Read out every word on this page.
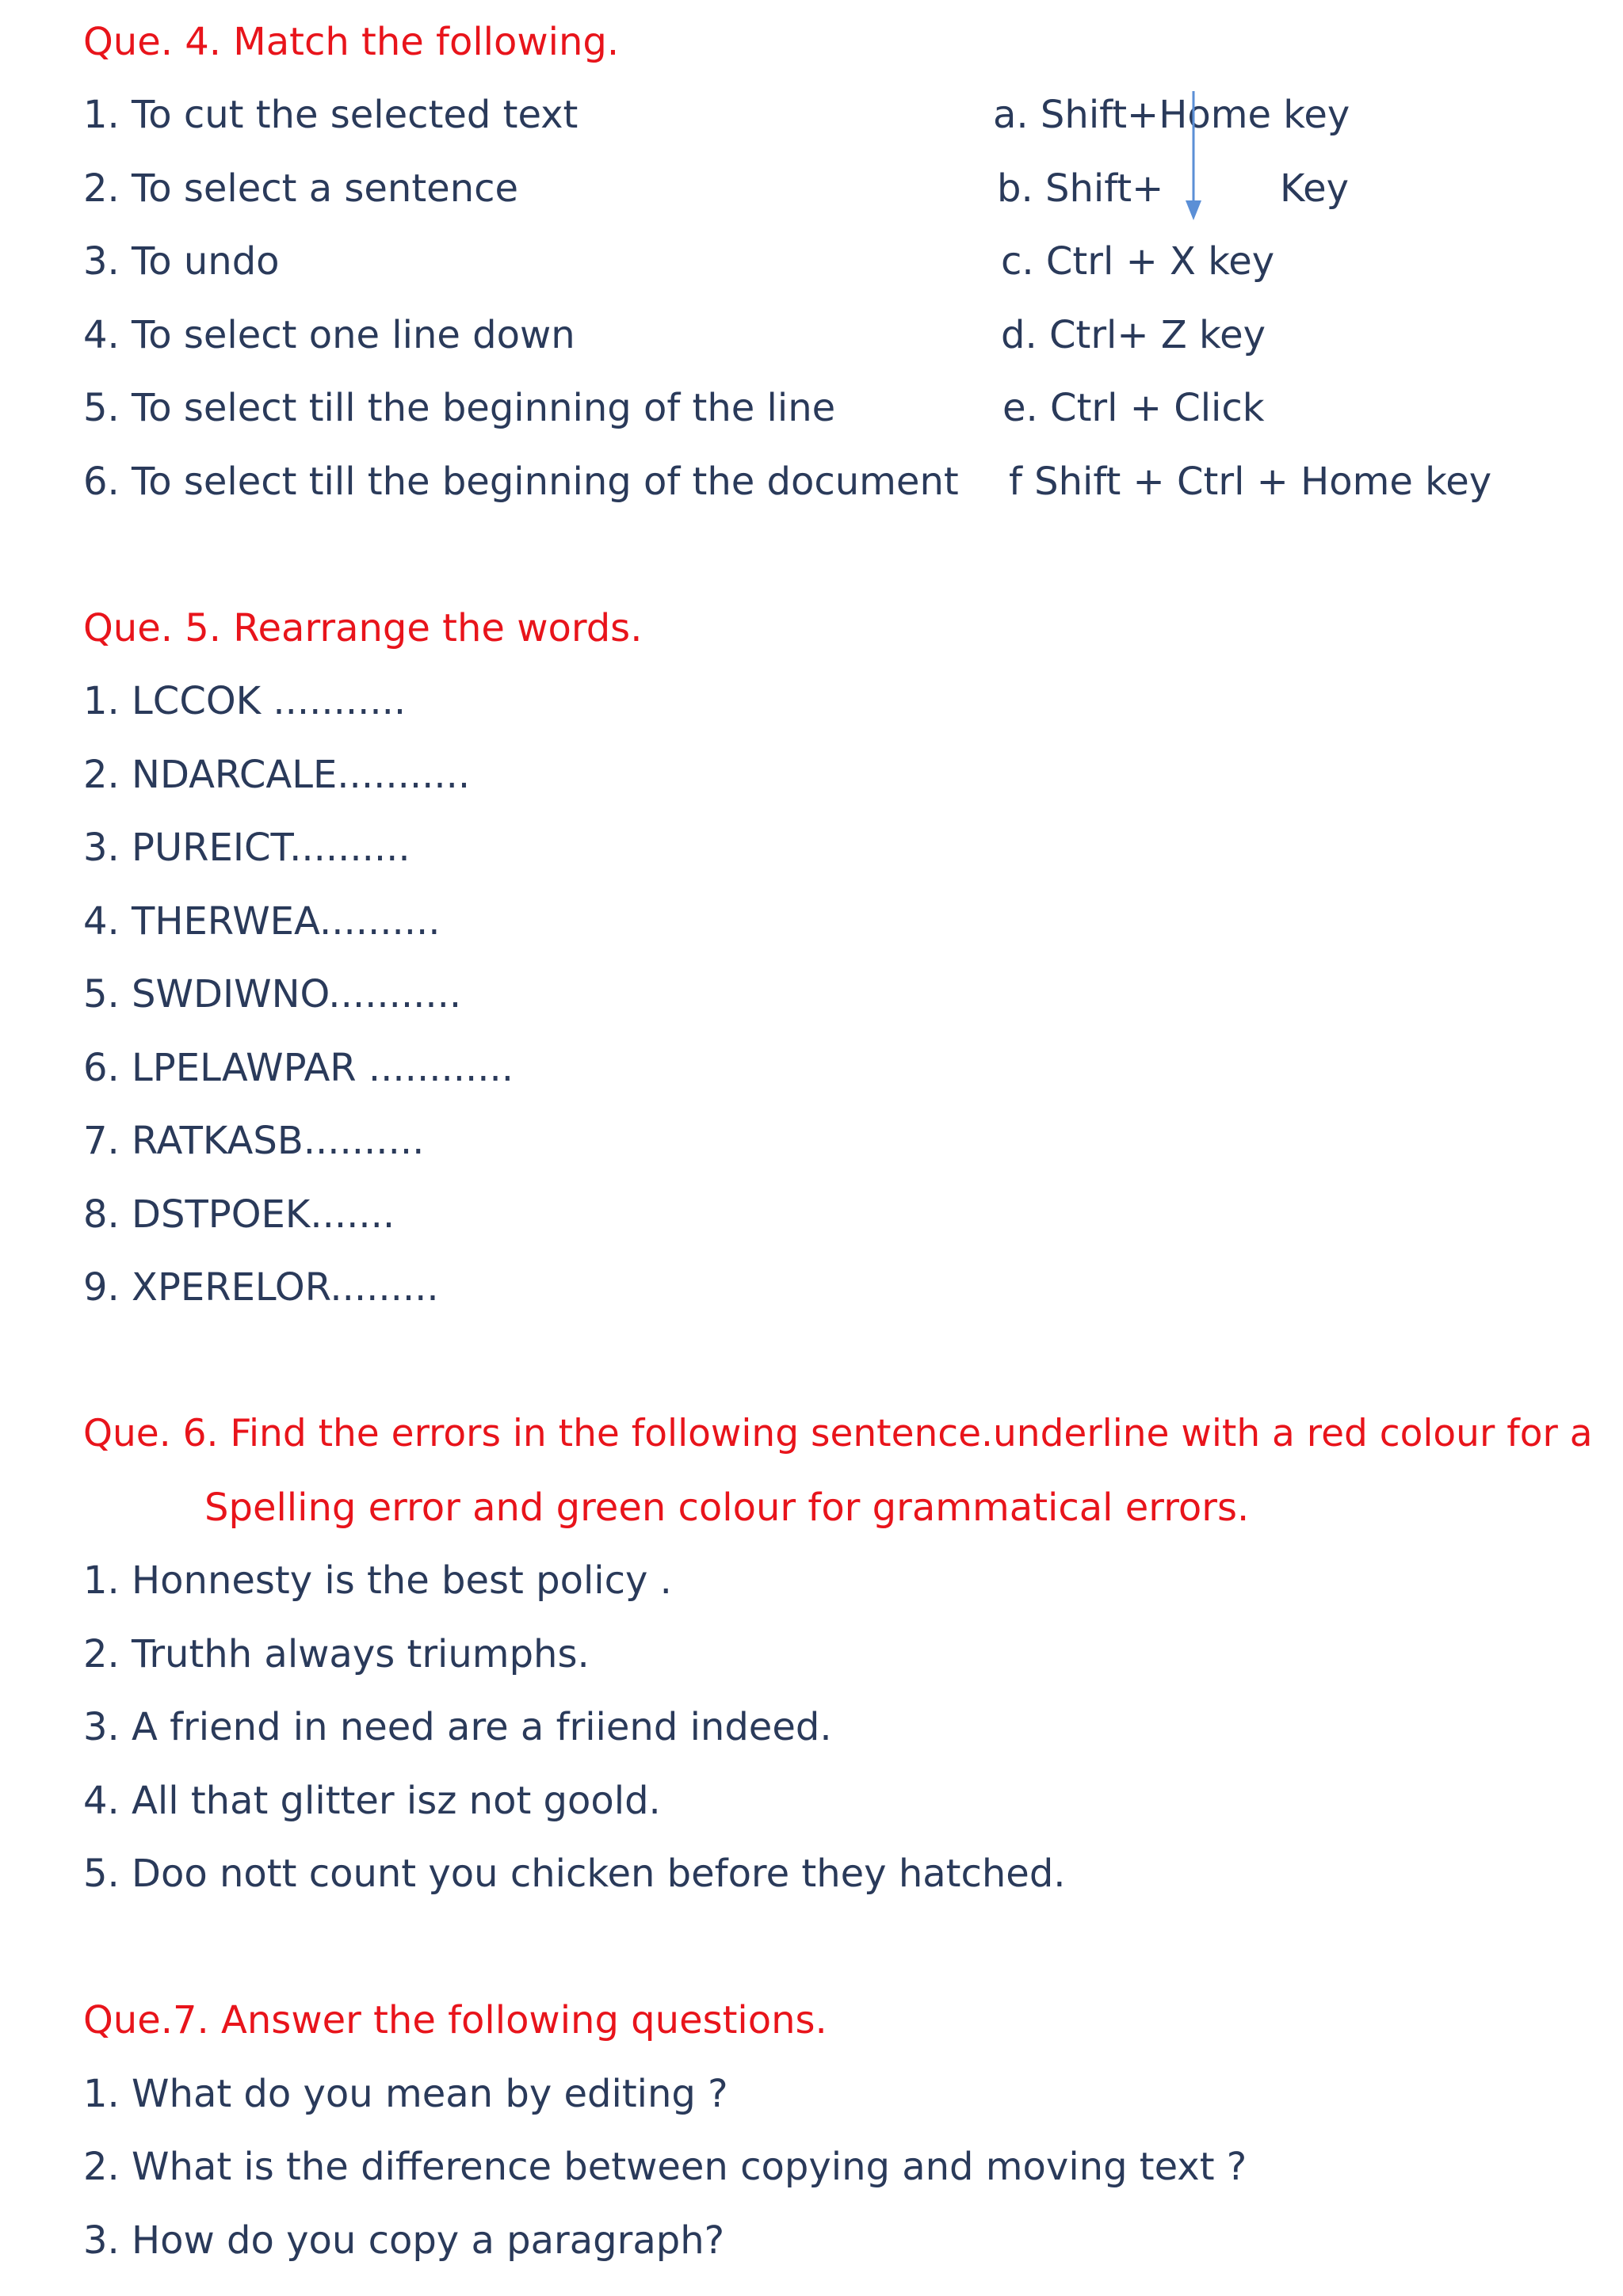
Que. 4. Match the following.
1. To cut the selected text
2. To select a sentence
3. To undo
4. To select one line down
5. To select till the beginning of the line
6. To select till the beginning of the document
a. Shift+Home key
b. Shift+	Key
c. Ctrl + X key
d. Ctrl+ Z key
e. Ctrl + Click
f Shift + Ctrl + Home key
Que. 5. Rearrange the words.
1. LCCOK ...........
2. NDARCALE...........
3. PUREICT..........
4. THERWEA..........
5. SWDIWNO...........
6. LPELAWPAR ............
7. RATKASB..........
8. DSTPOEK.......
9. XPERELOR.........
Que. 6. Find the errors in the following sentence.underline with a red colour for a
Spelling error and green colour for grammatical errors.
1. Honnesty is the best policy .
2. Truthh always triumphs.
3. A friend in need are a friiend indeed.
4. All that glitter isz not goold.
5. Doo nott count you chicken before they hatched.
Que.7. Answer the following questions.
1. What do you mean by editing ?
2. What is the difference between copying and moving text ?
3. How do you copy a paragraph?
